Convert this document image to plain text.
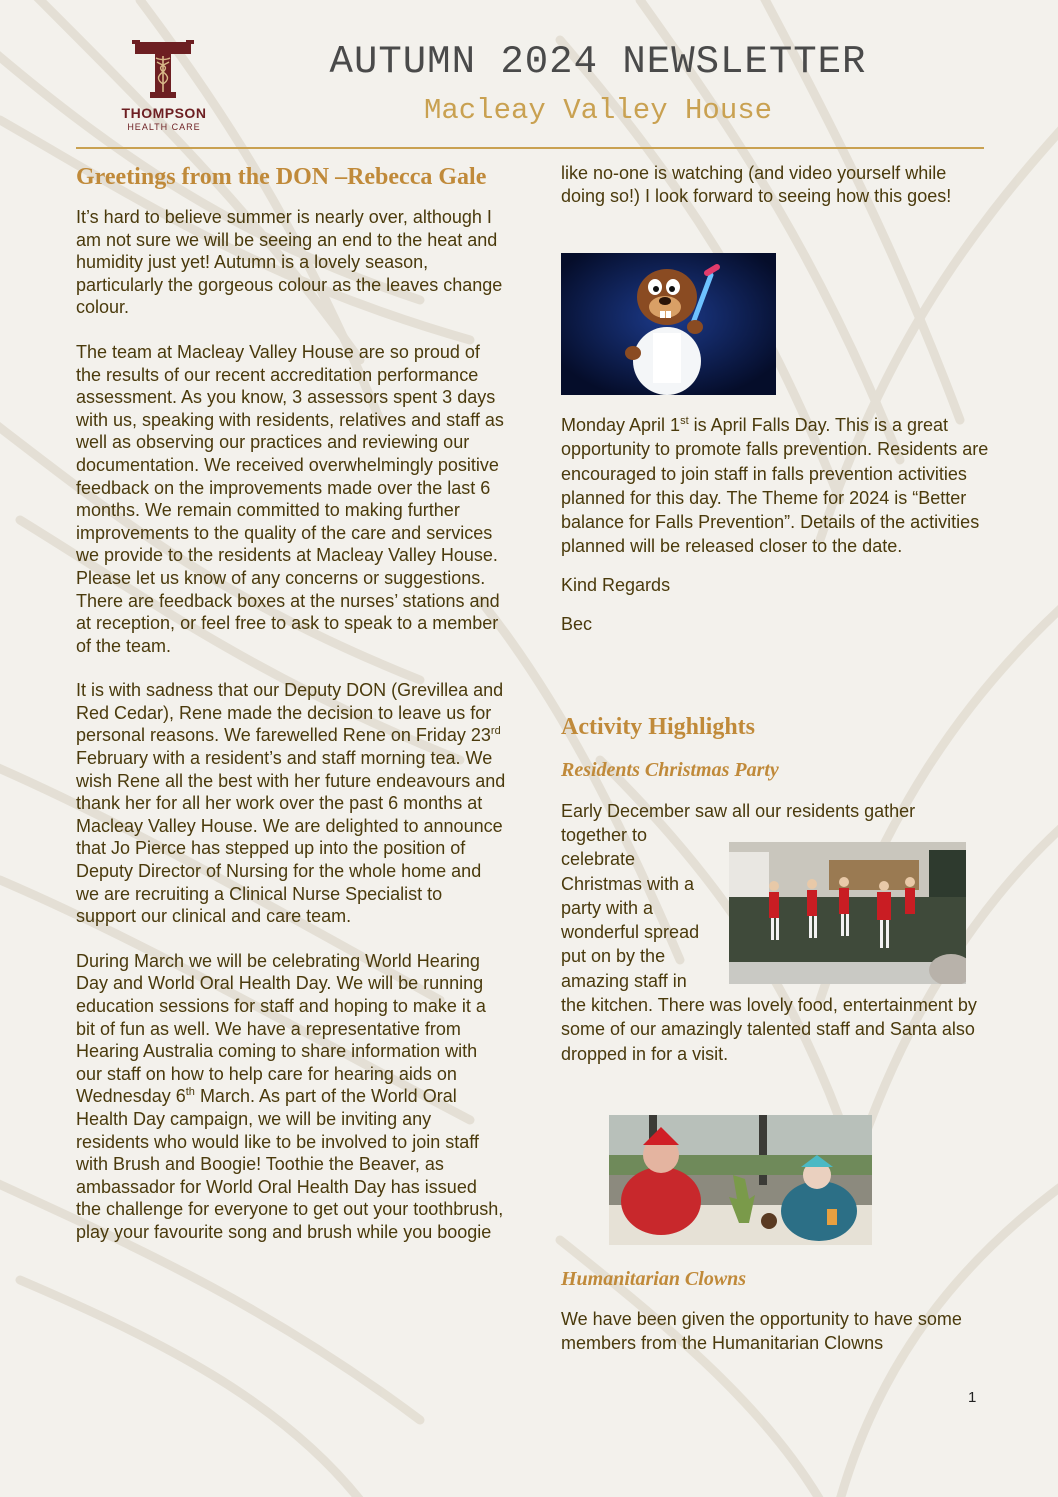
THOMPSON
HEALTH CARE
AUTUMN 2024 NEWSLETTER
Macleay Valley House
Greetings from the DON –Rebecca Gale

It’s hard to believe summer is nearly over, although I am not sure we will be seeing an end to the heat and humidity just yet! Autumn is a lovely season, particularly the gorgeous colour as the leaves change colour.

The team at Macleay Valley House are so proud of the results of our recent accreditation performance assessment. As you know, 3 assessors spent 3 days with us, speaking with residents, relatives and staff as well as observing our practices and reviewing our documentation. We received overwhelmingly positive feedback on the improvements made over the last 6 months. We remain committed to making further improvements to the quality of the care and services we provide to the residents at Macleay Valley House. Please let us know of any concerns or suggestions. There are feedback boxes at the nurses’ stations and at reception, or feel free to ask to speak to a member of the team.

It is with sadness that our Deputy DON (Grevillea and Red Cedar), Rene made the decision to leave us for personal reasons. We farewelled Rene on Friday 23rd February with a resident’s and staff morning tea. We wish Rene all the best with her future endeavours and thank her for all her work over the past 6 months at Macleay Valley House. We are delighted to announce that Jo Pierce has stepped up into the position of Deputy Director of Nursing for the whole home and we are recruiting a Clinical Nurse Specialist to support our clinical and care team.

During March we will be celebrating World Hearing Day and World Oral Health Day. We will be running education sessions for staff and hoping to make it a bit of fun as well. We have a representative from Hearing Australia coming to share information with our staff on how to help care for hearing aids on Wednesday 6th March. As part of the World Oral Health Day campaign, we will be inviting any residents who would like to be involved to join staff with Brush and Boogie! Toothie the Beaver, as ambassador for World Oral Health Day has issued the challenge for everyone to get out your toothbrush, play your favourite song and brush while you boogie

like no-one is watching (and video yourself while doing so!) I look forward to seeing how this goes!

Monday April 1st is April Falls Day. This is a great opportunity to promote falls prevention. Residents are encouraged to join staff in falls prevention activities planned for this day. The Theme for 2024 is “Better balance for Falls Prevention”. Details of the activities planned will be released closer to the date.

Kind Regards

Bec

Activity Highlights
Residents Christmas Party

Early December saw all our residents gather

together to

celebrate

Christmas with a

party with a

wonderful spread

put on by the

amazing staff in

the kitchen. There was lovely food, entertainment by some of our amazingly talented staff and Santa also dropped in for a visit.

Humanitarian Clowns

We have been given the opportunity to have some members from the Humanitarian Clowns

1
